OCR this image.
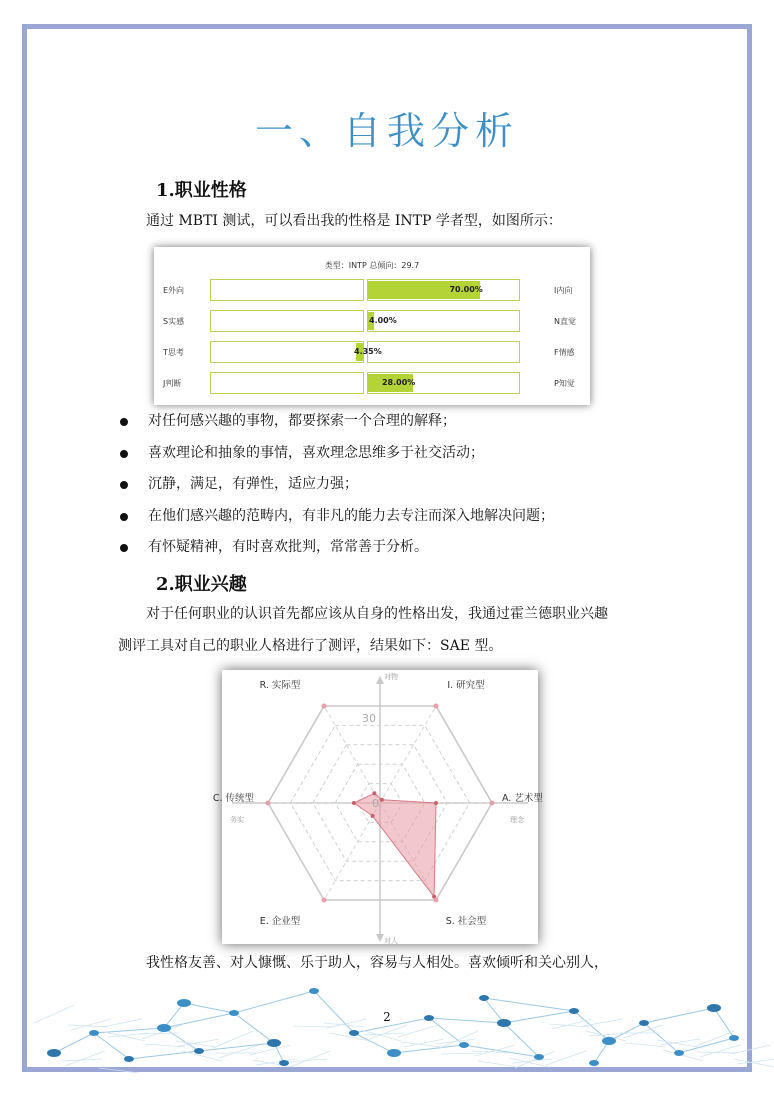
一、自我分析
1.职业性格
通过 MBTI 测试，可以看出我的性格是 INTP 学者型，如图所示：
类型：INTP 总倾向：29.7
E外向	I内向
70.00%
S实感	N直觉
4.00%
T思考	F情感
4.35%
J判断	P知觉
28.00%
对任何感兴趣的事物，都要探索一个合理的解释；
喜欢理论和抽象的事情，喜欢理念思维多于社交活动；
沉静，满足，有弹性，适应力强；
在他们感兴趣的范畴内，有非凡的能力去专注而深入地解决问题；
有怀疑精神，有时喜欢批判，常常善于分析。
2.职业兴趣
对于任何职业的认识首先都应该从自身的性格出发，我通过霍兰德职业兴趣
测评工具对自己的职业人格进行了测评，结果如下：SAE 型。
R. 实际型	I. 研究型
A. 艺术型
S. 社会型
E. 企业型
C. 传统型
对物
对人
务实	理念
30
0
我性格友善、对人慷慨、乐于助人，容易与人相处。喜欢倾听和关心别人，
2
